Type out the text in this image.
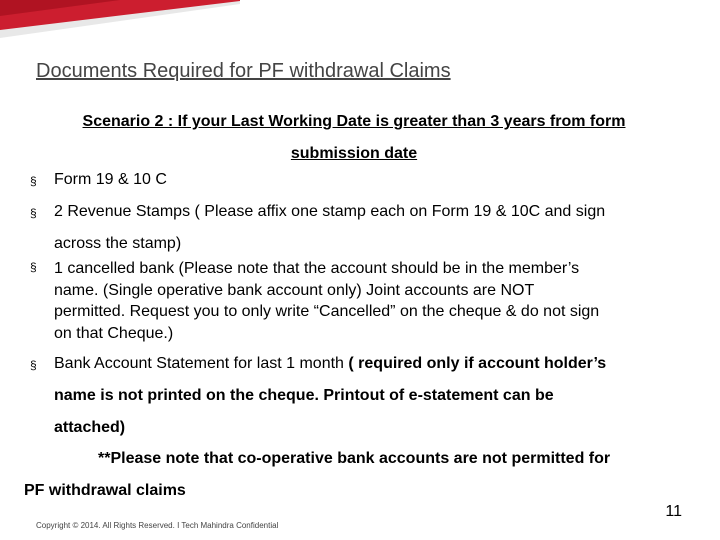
Documents Required for PF withdrawal Claims
Scenario 2 : If your Last Working Date is greater than 3 years from form
submission date
§ Form 19 & 10 C
§ 2 Revenue Stamps ( Please affix one stamp each on Form 19 & 10C and sign
across the stamp)
§ 1 cancelled bank (Please note that the account should be in the member’s
name. (Single operative bank account only) Joint accounts are NOT
permitted. Request you to only write “Cancelled” on the cheque & do not sign
on that Cheque.)
§ Bank Account Statement for last 1 month ( required only if account holder’s
name is not printed on the cheque. Printout of e-statement can be
attached)
**Please note that co-operative bank accounts are not permitted for
PF withdrawal claims
Copyright © 2014. All Rights Reserved. I Tech Mahindra Confidential
11
